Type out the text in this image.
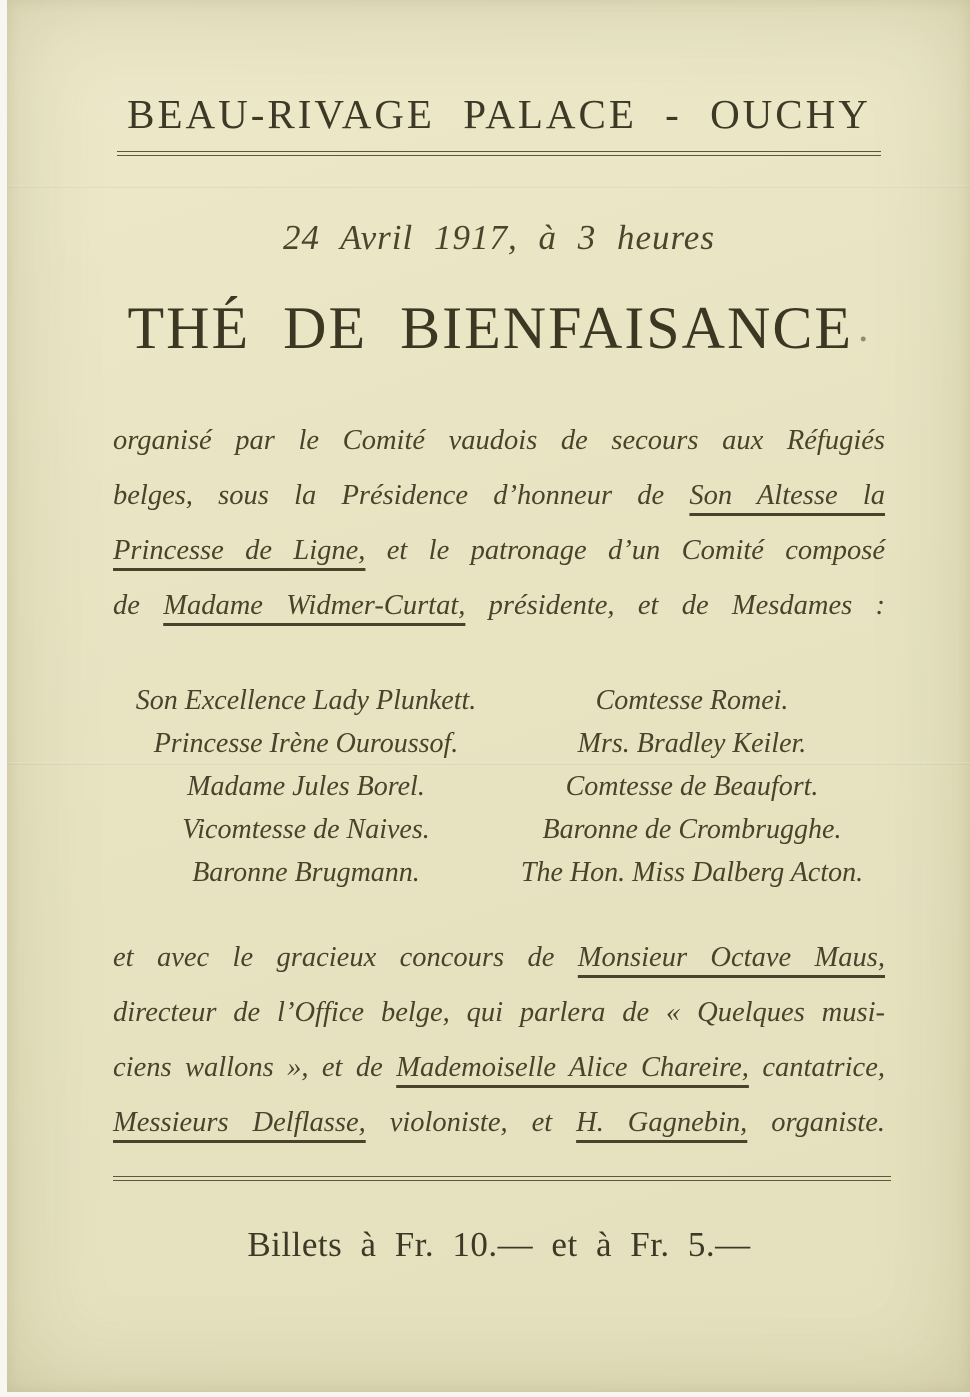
BEAU-RIVAGE PALACE - OUCHY
24 Avril 1917, à 3 heures
THÉ DE BIENFAISANCE .
organisé par le Comité vaudois de secours aux Réfugiés
belges, sous la Présidence d’honneur de Son Altesse la
Princesse de Ligne, et le patronage d’un Comité composé
de Madame Widmer-Curtat, présidente, et de Mesdames :
Son Excellence Lady Plunkett.
Princesse Irène Ouroussof.
Madame Jules Borel.
Vicomtesse de Naives.
Baronne Brugmann.
Comtesse Romei.
Mrs. Bradley Keiler.
Comtesse de Beaufort.
Baronne de Crombrugghe.
The Hon. Miss Dalberg Acton.
et avec le gracieux concours de Monsieur Octave Maus,
directeur de l’Office belge, qui parlera de « Quelques musi-
ciens wallons », et de Mademoiselle Alice Chareire, cantatrice,
Messieurs Delflasse, violoniste, et H. Gagnebin, organiste.
Billets à Fr. 10.— et à Fr. 5.—
